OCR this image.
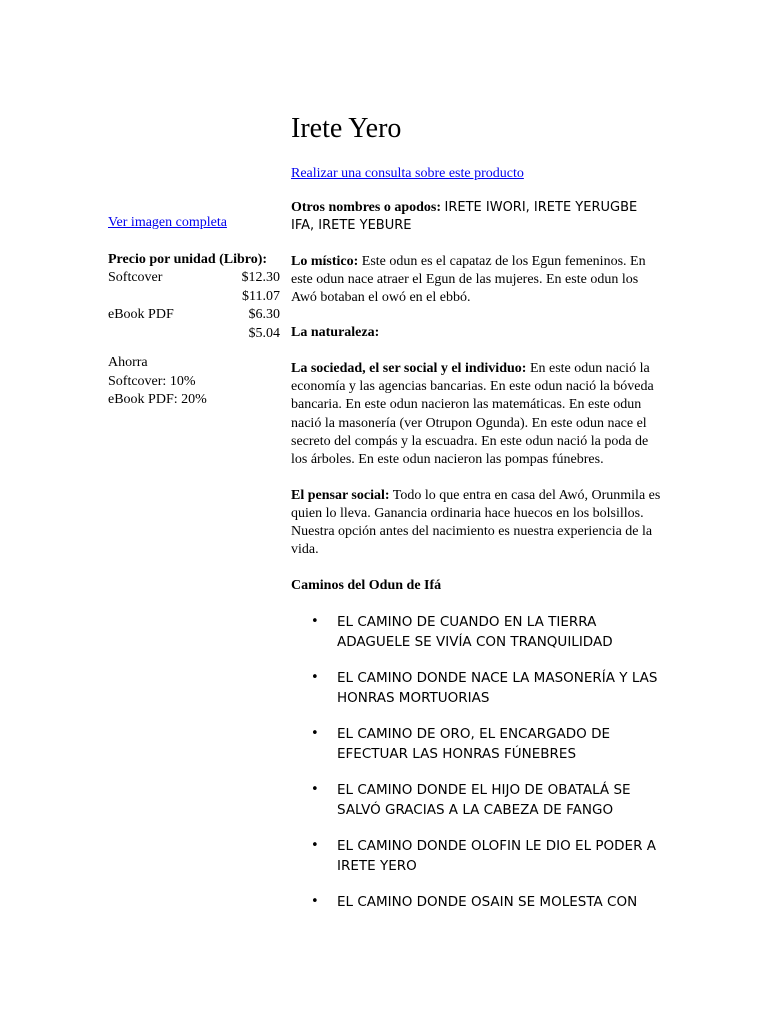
Irete Yero
Realizar una consulta sobre este producto
Ver imagen completa
Precio por unidad (Libro):
Softcover	$12.30
$11.07
eBook PDF	$6.30
$5.04
Ahorra
Softcover: 10%
eBook PDF: 20%

Otros nombres o apodos: IRETE IWORI, IRETE YERUGBE IFA, IRETE YEBURE

Lo místico: Este odun es el capataz de los Egun femeninos. En este odun nace atraer el Egun de las mujeres. En este odun los Awó botaban el owó en el ebbó.

La naturaleza:

La sociedad, el ser social y el individuo: En este odun nació la economía y las agencias bancarias. En este odun nació la bóveda bancaria. En este odun nacieron las matemáticas. En este odun nació la masonería (ver Otrupon Ogunda). En este odun nace el secreto del compás y la escuadra. En este odun nació la poda de los árboles. En este odun nacieron las pompas fúnebres.

El pensar social: Todo lo que entra en casa del Awó, Orunmila es quien lo lleva. Ganancia ordinaria hace huecos en los bolsillos. Nuestra opción antes del nacimiento es nuestra experiencia de la vida.

Caminos del Odun de Ifá

• EL CAMINO DE CUANDO EN LA TIERRA ADAGUELE SE VIVÍA CON TRANQUILIDAD
• EL CAMINO DONDE NACE LA MASONERÍA Y LAS HONRAS MORTUORIAS
• EL CAMINO DE ORO, EL ENCARGADO DE EFECTUAR LAS HONRAS FÚNEBRES
• EL CAMINO DONDE EL HIJO DE OBATALÁ SE SALVÓ GRACIAS A LA CABEZA DE FANGO
• EL CAMINO DONDE OLOFIN LE DIO EL PODER A IRETE YERO
• EL CAMINO DONDE OSAIN SE MOLESTA CON
